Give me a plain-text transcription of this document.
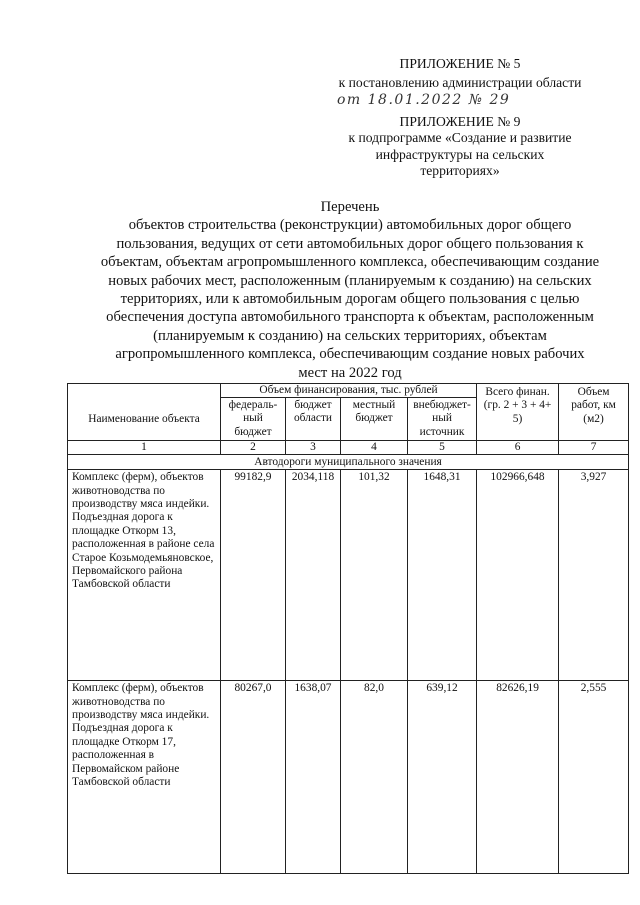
ПРИЛОЖЕНИЕ № 5
к постановлению администрации области
от 18.01.2022 № 29
ПРИЛОЖЕНИЕ № 9
к подпрограмме «Создание и развитие
инфраструктуры на сельских
территориях»
Перечень
объектов строительства (реконструкции) автомобильных дорог общего
пользования, ведущих от сети автомобильных дорог общего пользования к
объектам, объектам агропромышленного комплекса, обеспечивающим создание
новых рабочих мест, расположенным (планируемым к созданию) на сельских
территориях, или к автомобильным дорогам общего пользования с целью
обеспечения доступа автомобильного транспорта к объектам, расположенным
(планируемым к созданию) на сельских территориях, объектам
агропромышленного комплекса, обеспечивающим создание новых рабочих
мест на 2022 год
Наименование объекта	Объем финансирования, тыс. рублей				Всего финан. (гр. 2 + 3 + 4+ 5)	Объем работ, км (м2)
	федераль-ный бюджет	бюджет области	местный бюджет	внебюджет-ный источник		
1	2	3	4	5	6	7
Автодороги муниципального значения						
Комплекс (ферм), объектов животноводства по производству мяса индейки. Подъездная дорога к площадке Откорм 13, расположенная в районе села Старое Козьмодемьяновское, Первомайского района Тамбовской области	99182,9	2034,118	101,32	1648,31	102966,648	3,927
Комплекс (ферм), объектов животноводства по производству мяса индейки. Подъездная дорога к площадке Откорм 17, расположенная в Первомайском районе Тамбовской области	80267,0	1638,07	82,0	639,12	82626,19	2,555
